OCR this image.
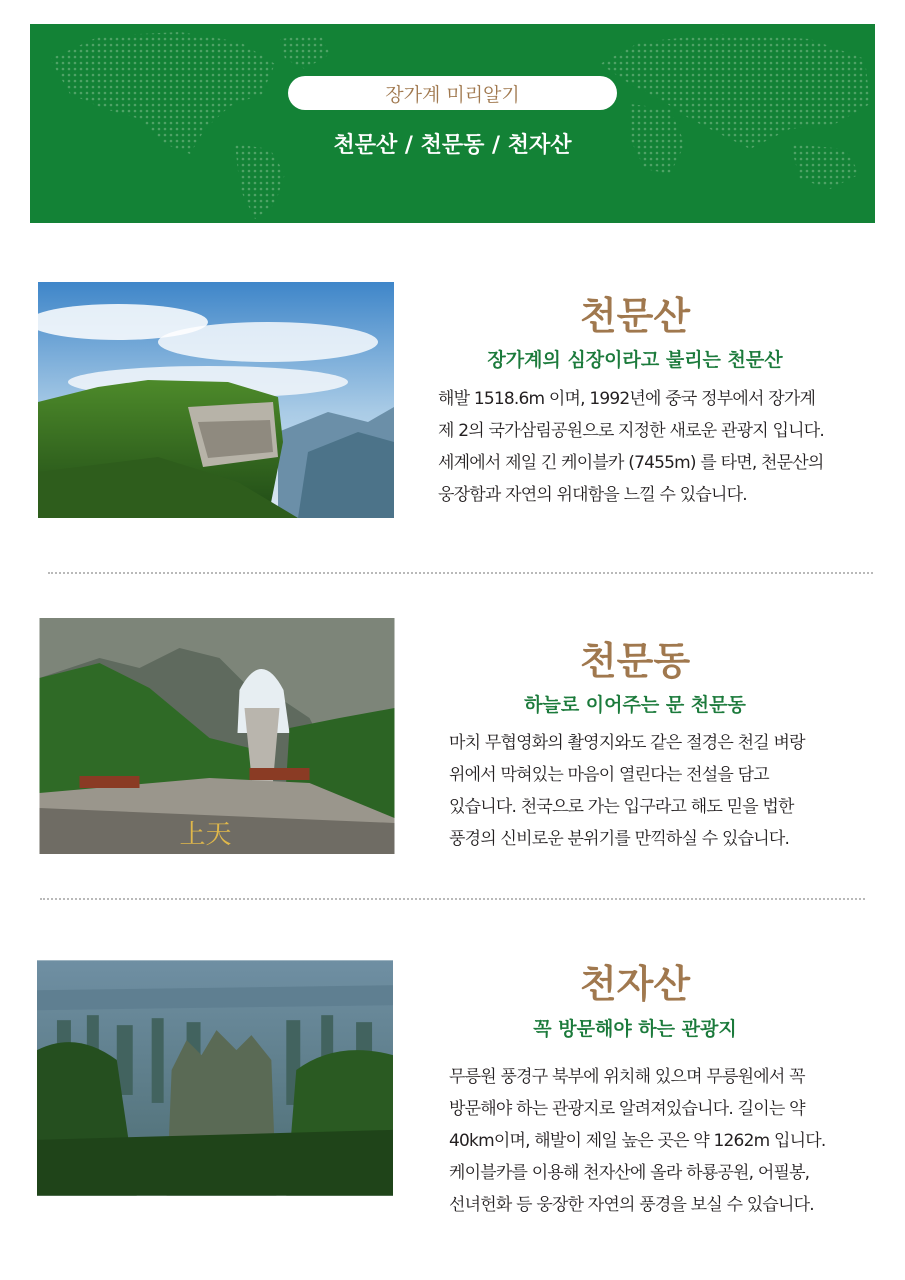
장가계 미리알기
천문산 / 천문동 / 천자산
천문산
장가계의 심장이라고 불리는 천문산
해발 1518.6m 이며, 1992년에 중국 정부에서 장가계
제 2의 국가삼림공원으로 지정한 새로운 관광지 입니다.
세계에서 제일 긴 케이블카 (7455m) 를 타면, 천문산의
웅장함과 자연의 위대함을 느낄 수 있습니다.
上天
천문동
하늘로 이어주는 문 천문동
마치 무협영화의 촬영지와도 같은 절경은 천길 벼랑
위에서 막혀있는 마음이 열린다는 전설을 담고
있습니다. 천국으로 가는 입구라고 해도 믿을 법한
풍경의 신비로운 분위기를 만끽하실 수 있습니다.
천자산
꼭 방문해야 하는 관광지
무릉원 풍경구 북부에 위치해 있으며 무릉원에서 꼭
방문해야 하는 관광지로 알려져있습니다. 길이는 약
40km이며, 해발이 제일 높은 곳은 약 1262m 입니다.
케이블카를 이용해 천자산에 올라 하룡공원, 어필봉,
선녀헌화 등 웅장한 자연의 풍경을 보실 수 있습니다.
